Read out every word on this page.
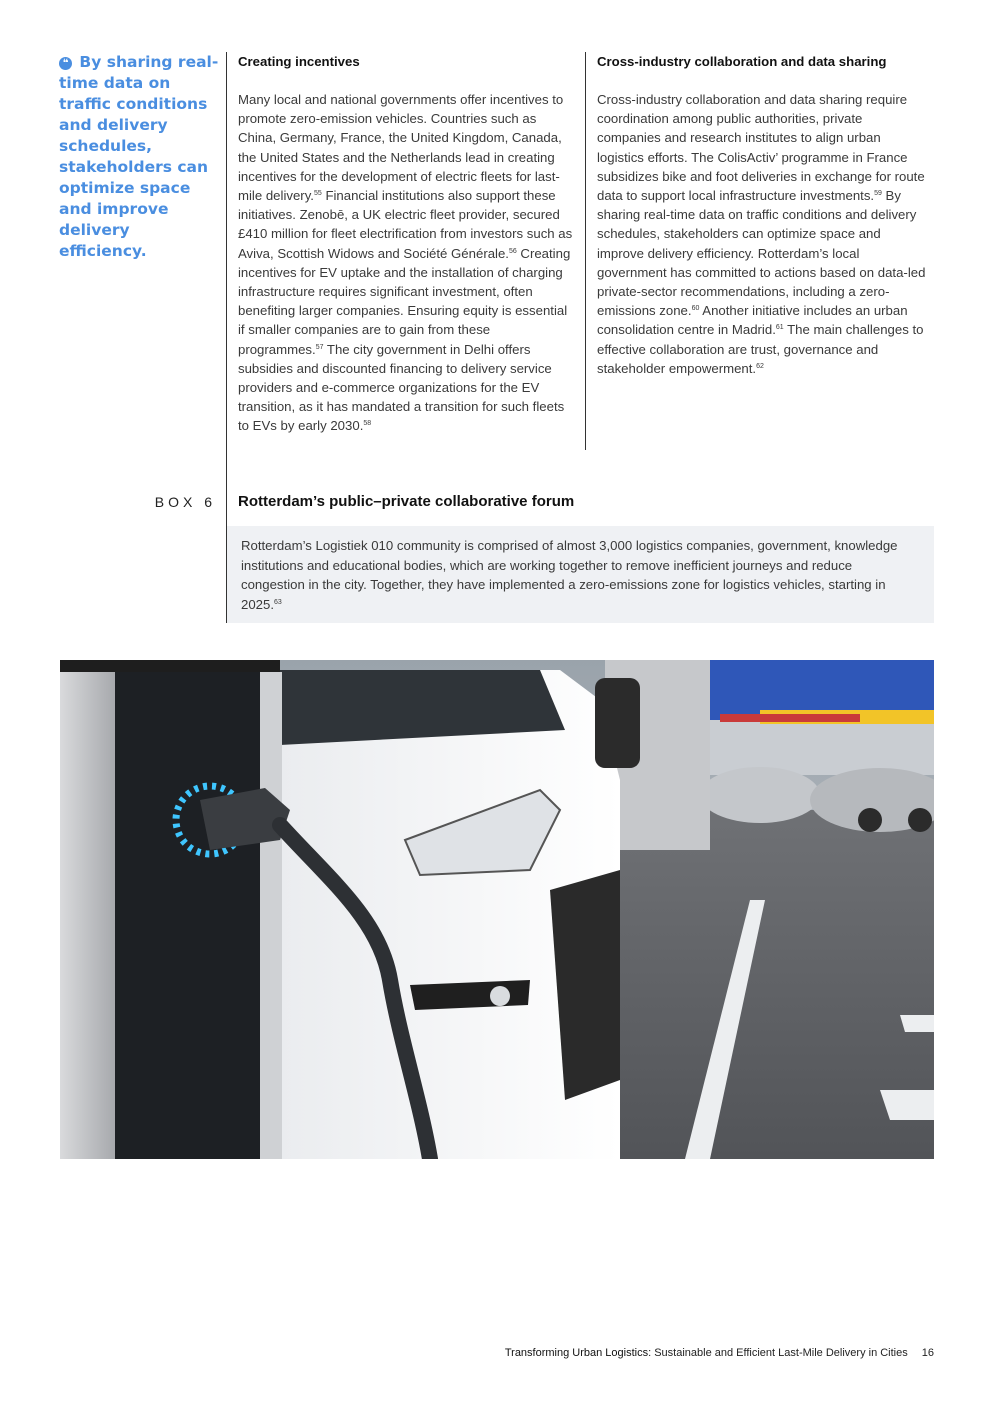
❝ By sharing real-time data on traffic conditions and delivery schedules, stakeholders can optimize space and improve delivery efficiency.
Creating incentives

Many local and national governments offer incentives to promote zero-emission vehicles. Countries such as China, Germany, France, the United Kingdom, Canada, the United States and the Netherlands lead in creating incentives for the development of electric fleets for last-mile delivery.$^{55}$ Financial institutions also support these initiatives. Zenobē, a UK electric fleet provider, secured £410 million for fleet electrification from investors such as Aviva, Scottish Widows and Société Générale.$^{56}$ Creating incentives for EV uptake and the installation of charging infrastructure requires significant investment, often benefiting larger companies. Ensuring equity is essential if smaller companies are to gain from these programmes.$^{57}$ The city government in Delhi offers subsidies and discounted financing to delivery service providers and e-commerce organizations for the EV transition, as it has mandated a transition for such fleets to EVs by early 2030.58

Cross-industry collaboration and data sharing

Cross-industry collaboration and data sharing require coordination among public authorities, private companies and research institutes to align urban logistics efforts. The ColisActiv’ programme in France subsidizes bike and foot deliveries in exchange for route data to support local infrastructure investments.$^{59}$ By sharing real-time data on traffic conditions and delivery schedules, stakeholders can optimize space and improve delivery efficiency. Rotterdam’s local government has committed to actions based on data-led private-sector recommendations, including a zero-emissions zone.$^{60}$ Another initiative includes an urban consolidation centre in Madrid.$^{61}$ The main challenges to effective collaboration are trust, governance and stakeholder empowerment.$^{62}$

BOX 6 Rotterdam’s public–private collaborative forum
Rotterdam’s Logistiek 010 community is comprised of almost 3,000 logistics companies, government, knowledge institutions and educational bodies, which are working together to remove inefficient journeys and reduce congestion in the city. Together, they have implemented a zero-emissions zone for logistics vehicles, starting in 2025.63
Transforming Urban Logistics: Sustainable and Efficient Last-Mile Delivery in Cities 16
